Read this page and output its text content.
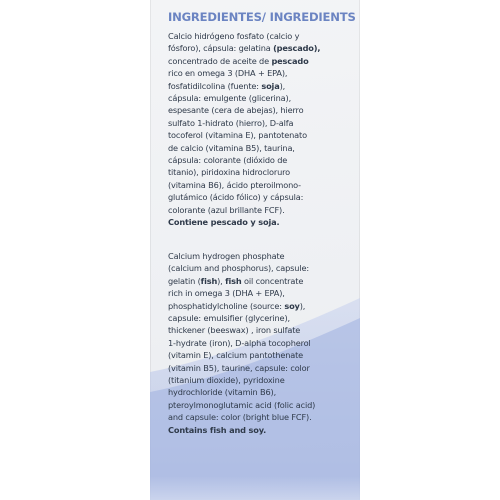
INGREDIENTES/ INGREDIENTS
Calcio hidrógeno fosfato (calcio y
fósforo), cápsula: gelatina (pescado),
concentrado de aceite de pescado
rico en omega 3 (DHA + EPA),
fosfatidilcolina (fuente: soja),
cápsula: emulgente (glicerina),
espesante (cera de abejas), hierro
sulfato 1-hidrato (hierro), D-alfa
tocoferol (vitamina E), pantotenato
de calcio (vitamina B5), taurina,
cápsula: colorante (dióxido de
titanio), piridoxina hidrocloruro
(vitamina B6), ácido pteroilmono-
glutámico (ácido fólico) y cápsula:
colorante (azul brillante FCF).
Contiene pescado y soja.
Calcium hydrogen phosphate
(calcium and phosphorus), capsule:
gelatin (fish), fish oil concentrate
rich in omega 3 (DHA + EPA),
phosphatidylcholine (source: soy),
capsule: emulsifier (glycerine),
thickener (beeswax) , iron sulfate
1-hydrate (iron), D-alpha tocopherol
(vitamin E), calcium pantothenate
(vitamin B5), taurine, capsule: color
(titanium dioxide), pyridoxine
hydrochloride (vitamin B6),
pteroylmonoglutamic acid (folic acid)
and capsule: color (bright blue FCF).
Contains fish and soy.
